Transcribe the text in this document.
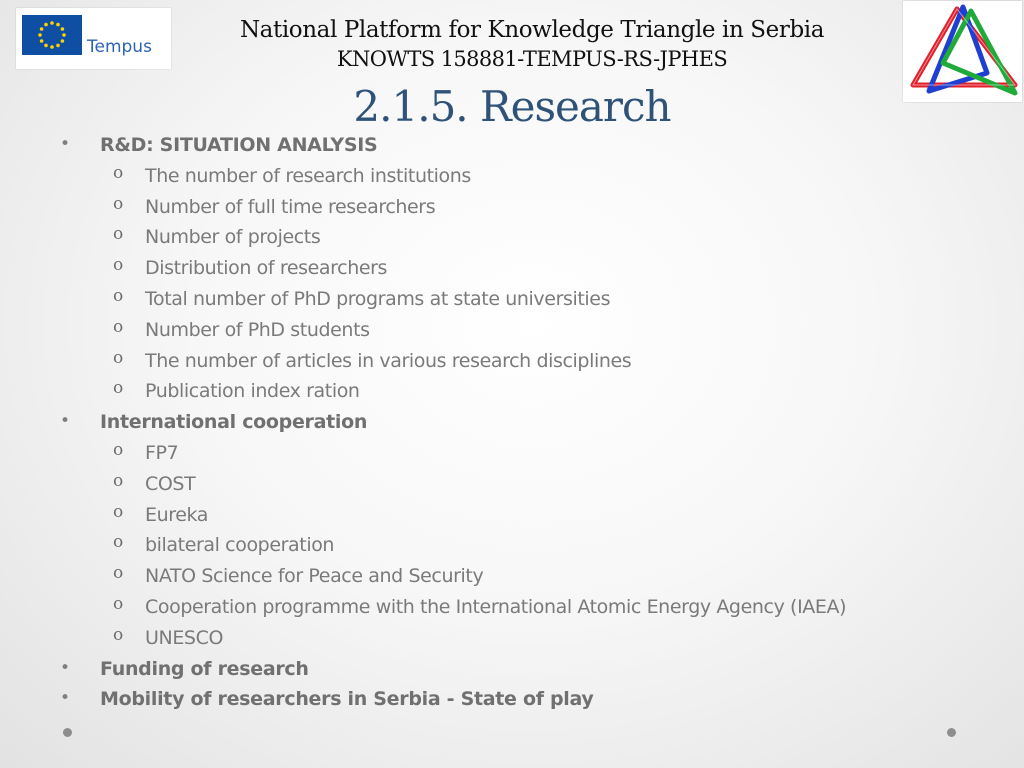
Tempus
National Platform for Knowledge Triangle in Serbia
KNOWTS 158881-TEMPUS-RS-JPHES
2.1.5. Research
• R&D: SITUATION ANALYSIS
o The number of research institutions
o Number of full time researchers
o Number of projects
o Distribution of researchers
o Total number of PhD programs at state universities
o Number of PhD students
o The number of articles in various research disciplines
o Publication index ration
• International cooperation
o FP7
o COST
o Eureka
o bilateral cooperation
o NATO Science for Peace and Security
o Cooperation programme with the International Atomic Energy Agency (IAEA)
o UNESCO
• Funding of research
• Mobility of researchers in Serbia - State of play
